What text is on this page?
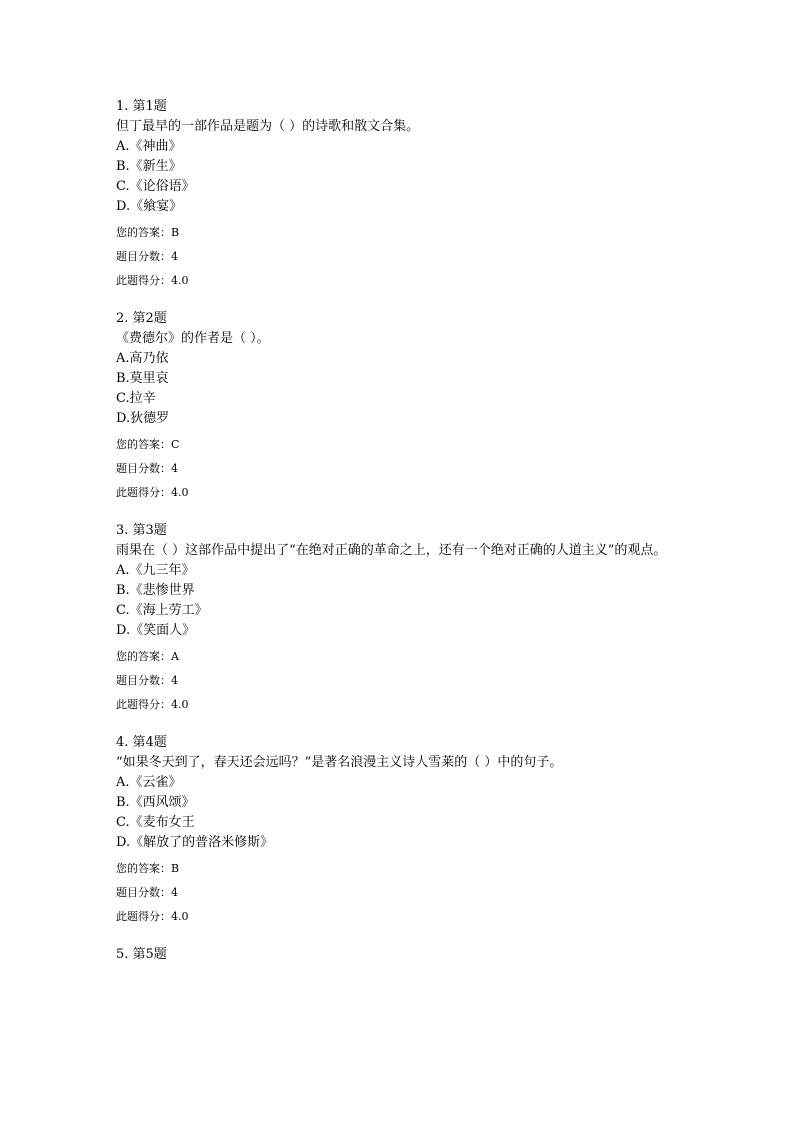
1. 第1题
但丁最早的一部作品是题为（ ）的诗歌和散文合集。
A.《神曲》
B.《新生》
C.《论俗语》
D.《飨宴》
您的答案：B
题目分数：4
此题得分：4.0
2. 第2题
《费德尔》的作者是（ ）。
A.高乃依
B.莫里哀
C.拉辛
D.狄德罗
您的答案：C
题目分数：4
此题得分：4.0
3. 第3题
雨果在（ ）这部作品中提出了“在绝对正确的革命之上，还有一个绝对正确的人道主义”的观点。
A.《九三年》
B.《悲惨世界
C.《海上劳工》
D.《笑面人》
您的答案：A
题目分数：4
此题得分：4.0
4. 第4题
“如果冬天到了，春天还会远吗？”是著名浪漫主义诗人雪莱的（ ）中的句子。
A.《云雀》
B.《西风颂》
C.《麦布女王
D.《解放了的普洛米修斯》
您的答案：B
题目分数：4
此题得分：4.0
5. 第5题
